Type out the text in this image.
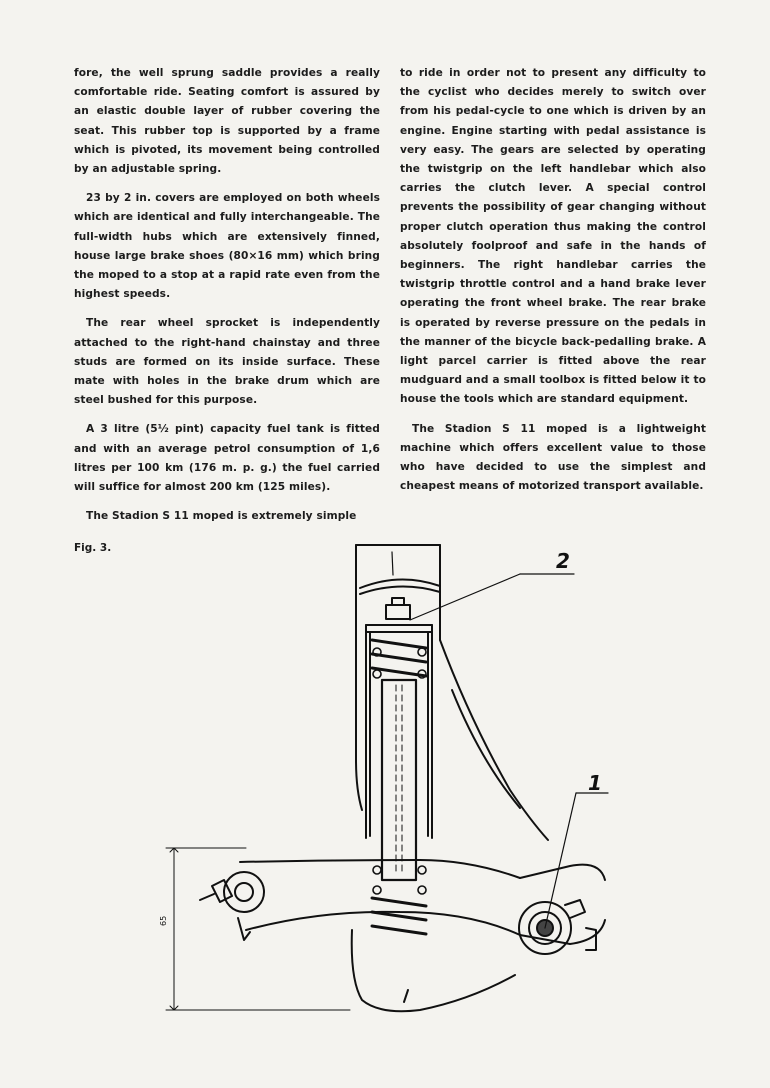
fore, the well sprung saddle provides a really comfortable ride. Seating comfort is assured by an elastic double layer of rubber covering the seat. This rubber top is supported by a frame which is pivoted, its movement being controlled by an adjustable spring.

23 by 2 in. covers are employed on both wheels which are identical and fully interchangeable. The full-width hubs which are extensively finned, house large brake shoes (80×16 mm) which bring the moped to a stop at a rapid rate even from the highest speeds.

The rear wheel sprocket is independently attached to the right-hand chainstay and three studs are formed on its inside surface. These mate with holes in the brake drum which are steel bushed for this purpose.

A 3 litre (5½ pint) capacity fuel tank is fitted and with an average petrol consumption of 1,6 litres per 100 km (176 m. p. g.) the fuel carried will suffice for almost 200 km (125 miles).

The Stadion S 11 moped is extremely simple

to ride in order not to present any difficulty to the cyclist who decides merely to switch over from his pedal-cycle to one which is driven by an engine. Engine starting with pedal assistance is very easy. The gears are selected by operating the twistgrip on the left handlebar which also carries the clutch lever. A special control prevents the possibility of gear changing without proper clutch operation thus making the control absolutely foolproof and safe in the hands of beginners. The right handlebar carries the twistgrip throttle control and a hand brake lever operating the front wheel brake. The rear brake is operated by reverse pressure on the pedals in the manner of the bicycle back-pedalling brake. A light parcel carrier is fitted above the rear mudguard and a small toolbox is fitted below it to house the tools which are standard equipment.

The Stadion S 11 moped is a lightweight machine which offers excellent value to those who have decided to use the simplest and cheapest means of motorized transport available.

Fig. 3.
2
1
65
